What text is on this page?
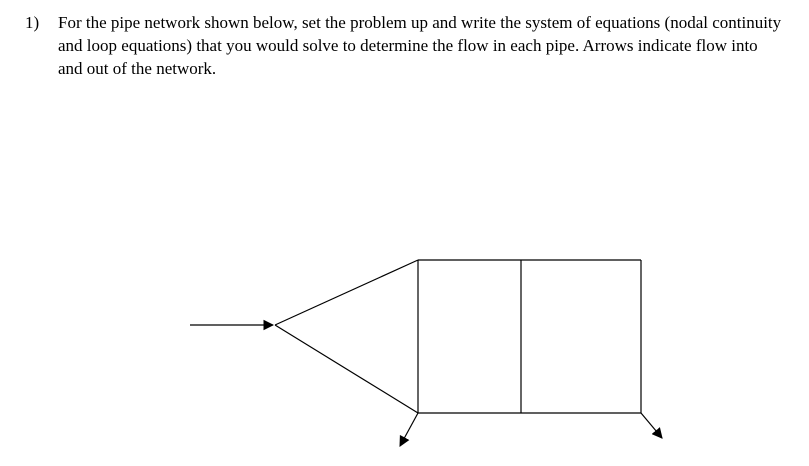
1) For the pipe network shown below, set the problem up and write the system of equations (nodal continuity and loop equations) that you would solve to determine the flow in each pipe. Arrows indicate flow into and out of the network.
